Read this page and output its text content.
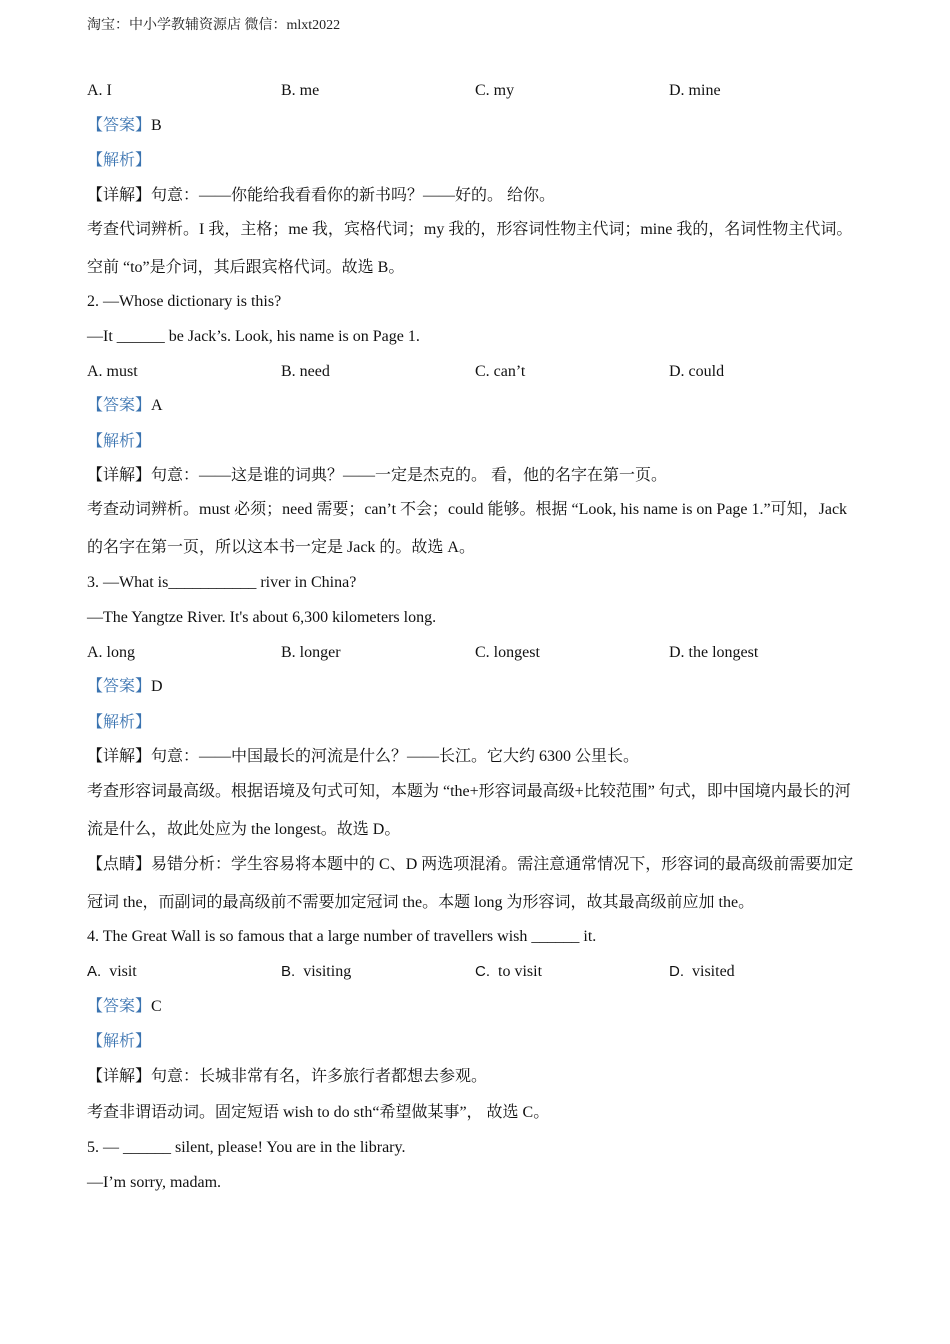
淘宝：中小学教辅资源店 微信：mlxt2022
A. I	B. me	C. my	D. mine
【答案】B
【解析】
【详解】句意：——你能给我看看你的新书吗？——好的。 给你。
考查代词辨析。I 我，主格；me 我，宾格代词；my 我的，形容词性物主代词；mine 我的，名词性物主代词。空前 “to”是介词，其后跟宾格代词。故选 B。
2. —Whose dictionary is this?
—It ______ be Jack’s. Look, his name is on Page 1.
A. must	B. need	C. can’t	D. could
【答案】A
【解析】
【详解】句意：——这是谁的词典？——一定是杰克的。 看，他的名字在第一页。
考查动词辨析。must 必须；need 需要；can’t 不会；could 能够。根据 “Look, his name is on Page 1.”可知，Jack 的名字在第一页，所以这本书一定是 Jack 的。故选 A。
3. —What is___________ river in China?
—The Yangtze River. It's about 6,300 kilometers long.
A. long	B. longer	C. longest	D. the longest
【答案】D
【解析】
【详解】句意：——中国最长的河流是什么？——长江。它大约 6300 公里长。
考查形容词最高级。根据语境及句式可知，本题为 “the+形容词最高级+比较范围” 句式，即中国境内最长的河流是什么，故此处应为 the longest。故选 D。
【点睛】易错分析：学生容易将本题中的 C、D 两选项混淆。需注意通常情况下，形容词的最高级前需要加定冠词 the，而副词的最高级前不需要加定冠词 the。本题 long 为形容词，故其最高级前应加 the。
4. The Great Wall is so famous that a large number of travellers wish ______ it.
A. visit	B. visiting	C. to visit	D. visited
【答案】C
【解析】
【详解】句意：长城非常有名，许多旅行者都想去参观。
考查非谓语动词。固定短语 wish to do sth“希望做某事”， 故选 C。
5. — ______ silent, please! You are in the library.
—I’m sorry, madam.
